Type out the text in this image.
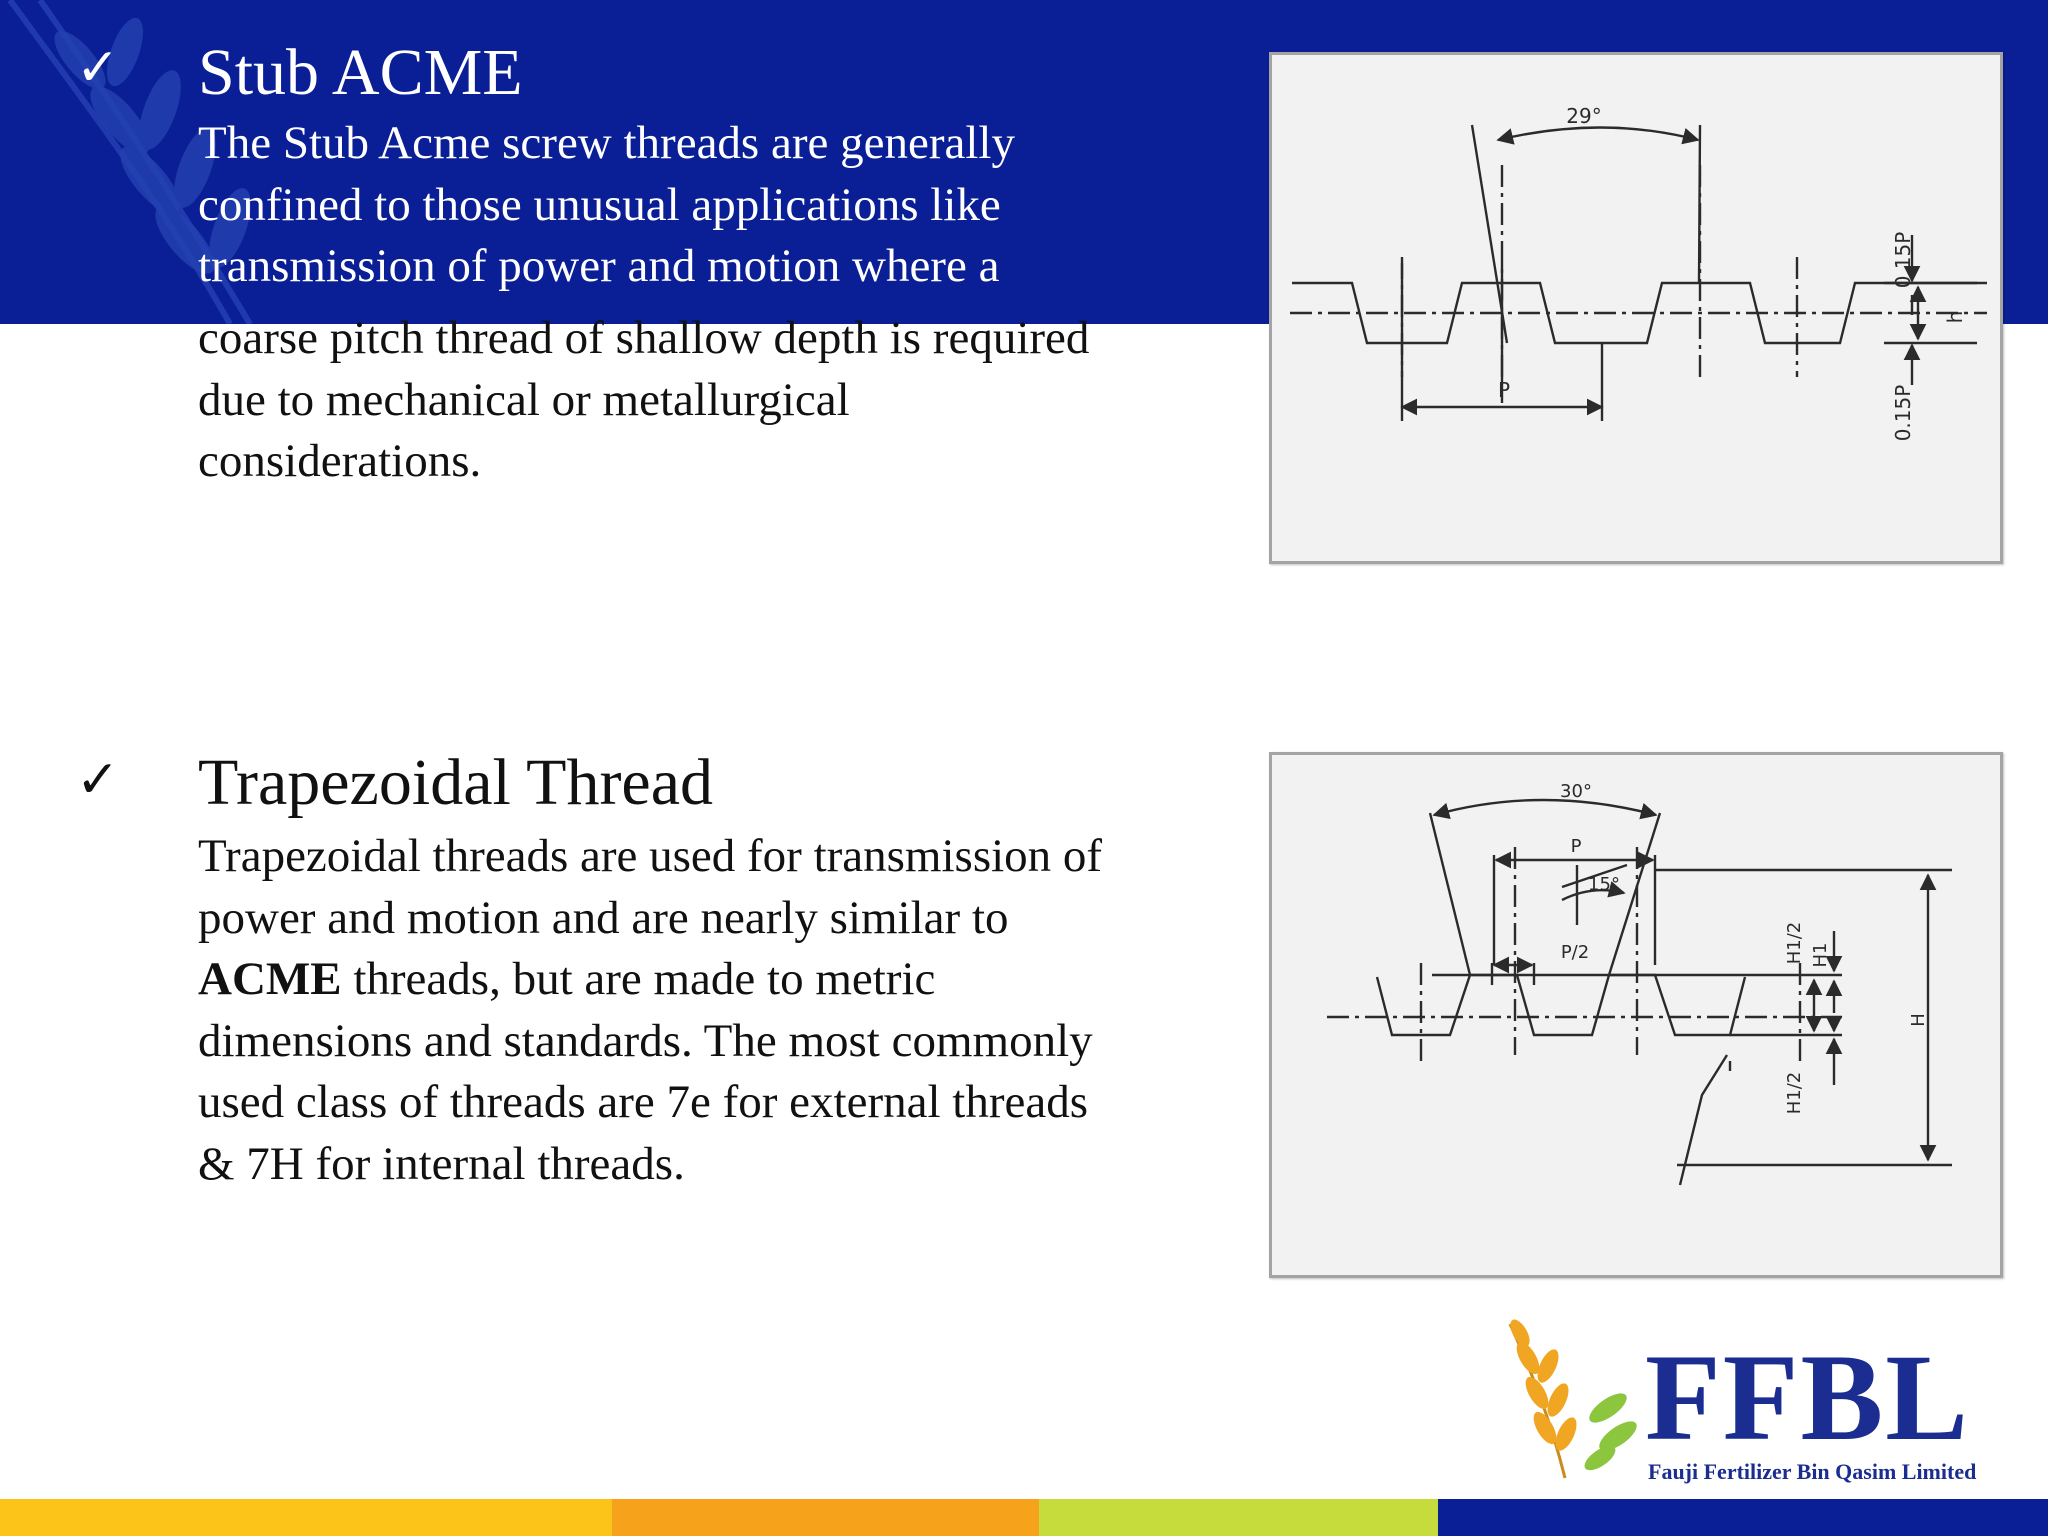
✓ Stub ACME
The Stub Acme screw threads are generally confined to those unusual applications like transmission of power and motion where a
coarse pitch thread of shallow depth is required due to mechanical or metallurgical considerations.
29°
P
0.15P
0.15P
h
✓ Trapezoidal Thread
Trapezoidal threads are used for transmission of power and motion and are nearly similar to ACME threads, but are made to metric dimensions and standards. The most commonly used class of threads are 7e for external threads & 7H for internal threads.
30°
P
15°
P/2	H1/2 H1
H
H1/2
FFBL
Fauji Fertilizer Bin Qasim Limited
